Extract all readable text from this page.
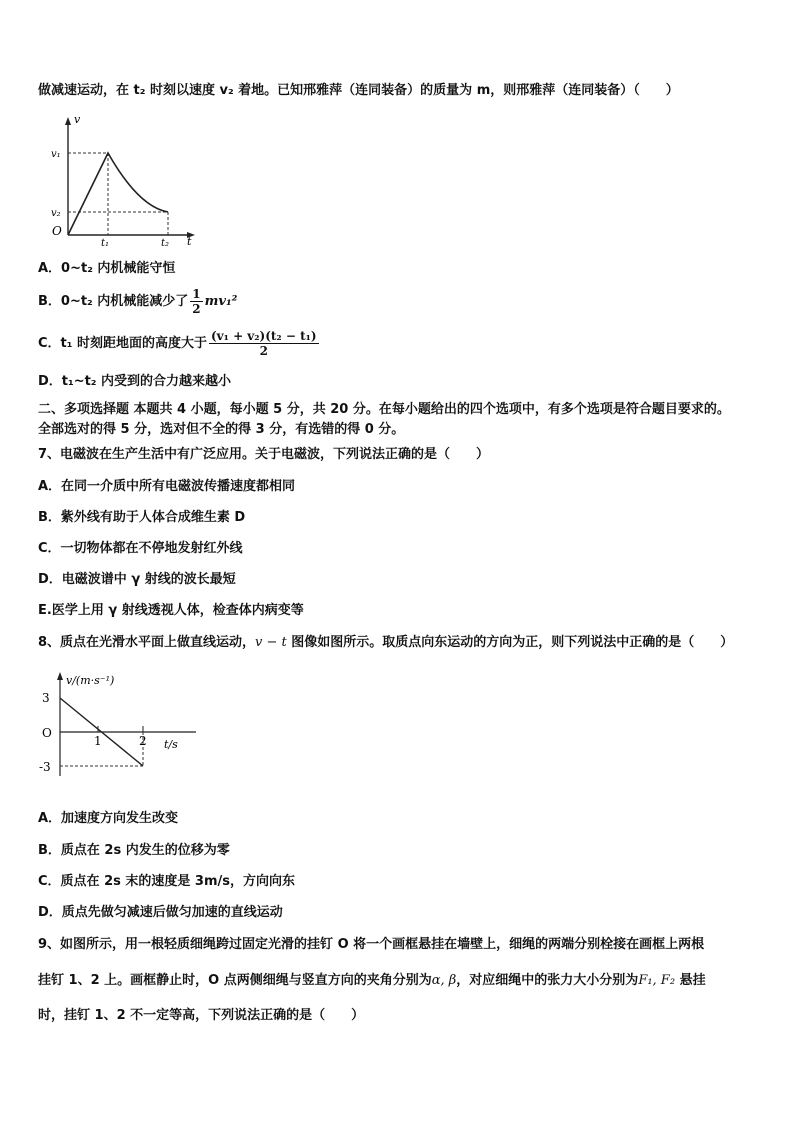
做减速运动，在 t₂ 时刻以速度 v₂ 着地。已知邢雅萍（连同装备）的质量为 m，则邢雅萍（连同装备）（　　）
v
t
O
v₁
v₂
t₁	t₂
A．0~t₂ 内机械能守恒
B．0~t₂ 内机械能减少了 $\frac{1}{2} mv_1^2$
C．t₁ 时刻距地面的高度大于 $\frac{\text{(v₁ + v₂)(t₂ − t₁)}}{2}$
D．t₁~t₂ 内受到的合力越来越小
二、多项选择题 本题共 4 小题，每小题 5 分，共 20 分。在每小题给出的四个选项中，有多个选项是符合题目要求的。
全部选对的得 5 分，选对但不全的得 3 分，有选错的得 0 分。
7、电磁波在生产生活中有广泛应用。关于电磁波，下列说法正确的是（　　）
A．在同一介质中所有电磁波传播速度都相同
B．紫外线有助于人体合成维生素 D
C．一切物体都在不停地发射红外线
D．电磁波谱中 γ 射线的波长最短
E.医学上用 γ 射线透视人体，检查体内病变等
8、质点在光滑水平面上做直线运动，v − t 图像如图所示。取质点向东运动的方向为正，则下列说法中正确的是（　　）
v/(m·s⁻¹)
t/s
O
3
-3
1	2
A．加速度方向发生改变
B．质点在 2s 内发生的位移为零
C．质点在 2s 末的速度是 3m/s，方向向东
D．质点先做匀减速后做匀加速的直线运动
9、如图所示，用一根轻质细绳跨过固定光滑的挂钉 O 将一个画框悬挂在墙壁上，细绳的两端分别栓接在画框上两根
挂钉 1、2 上。画框静止时，O 点两侧细绳与竖直方向的夹角分别为α, β，对应细绳中的张力大小分别为F₁, F₂ 悬挂
时，挂钉 1、2 不一定等高，下列说法正确的是（　　）
